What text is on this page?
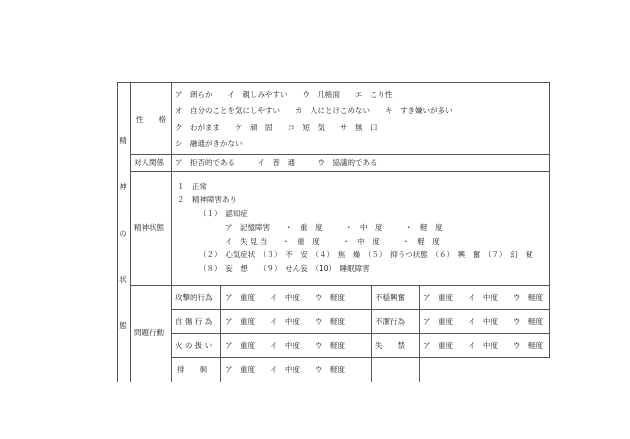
精
神
の
状
態
性　　格
ア　朗らか　　イ　親しみやすい　　ウ　几帳面　　エ　こり性
オ　自分のことを気にしやすい　　カ　人にとけこめない　　キ　すき嫌いが多い
ク　わがまま　　ケ　頑　固　　コ　短　気　　サ　無　口
シ　融通がきかない
対人関係 ア　拒否的である　　　イ　普　通　　　ウ　協議的である
精神状態
１　正常
２　精神障害あり
（１）　認知症
ア　記憶障害　　・　重　度　　　・　中　度　　　・　軽　度
イ　失 見 当　　・　重　度　　　・　中　度　　　・　軽　度
（２）　心気症状　（３）　不　安　（４）　焦　燥　（５）　抑うつ状態　（６）　興　奮　（７）　幻　覚
（８）　妄　想　　（９）　せん妄　（10）　睡眠障害
問題行動
攻撃的行為 ア　重度　　イ　中度　　ウ　軽度	不穏興奮 ア　重度　　イ　中度　　ウ　軽度
自 傷 行 為 ア　重度　　イ　中度　　ウ　軽度	不潔行為 ア　重度　　イ　中度　　ウ　軽度
火 の 扱 い ア　重度　　イ　中度　　ウ　軽度	失　　禁 ア　重度　　イ　中度　　ウ　軽度
徘　　徊 ア　重度　　イ　中度　　ウ　軽度
